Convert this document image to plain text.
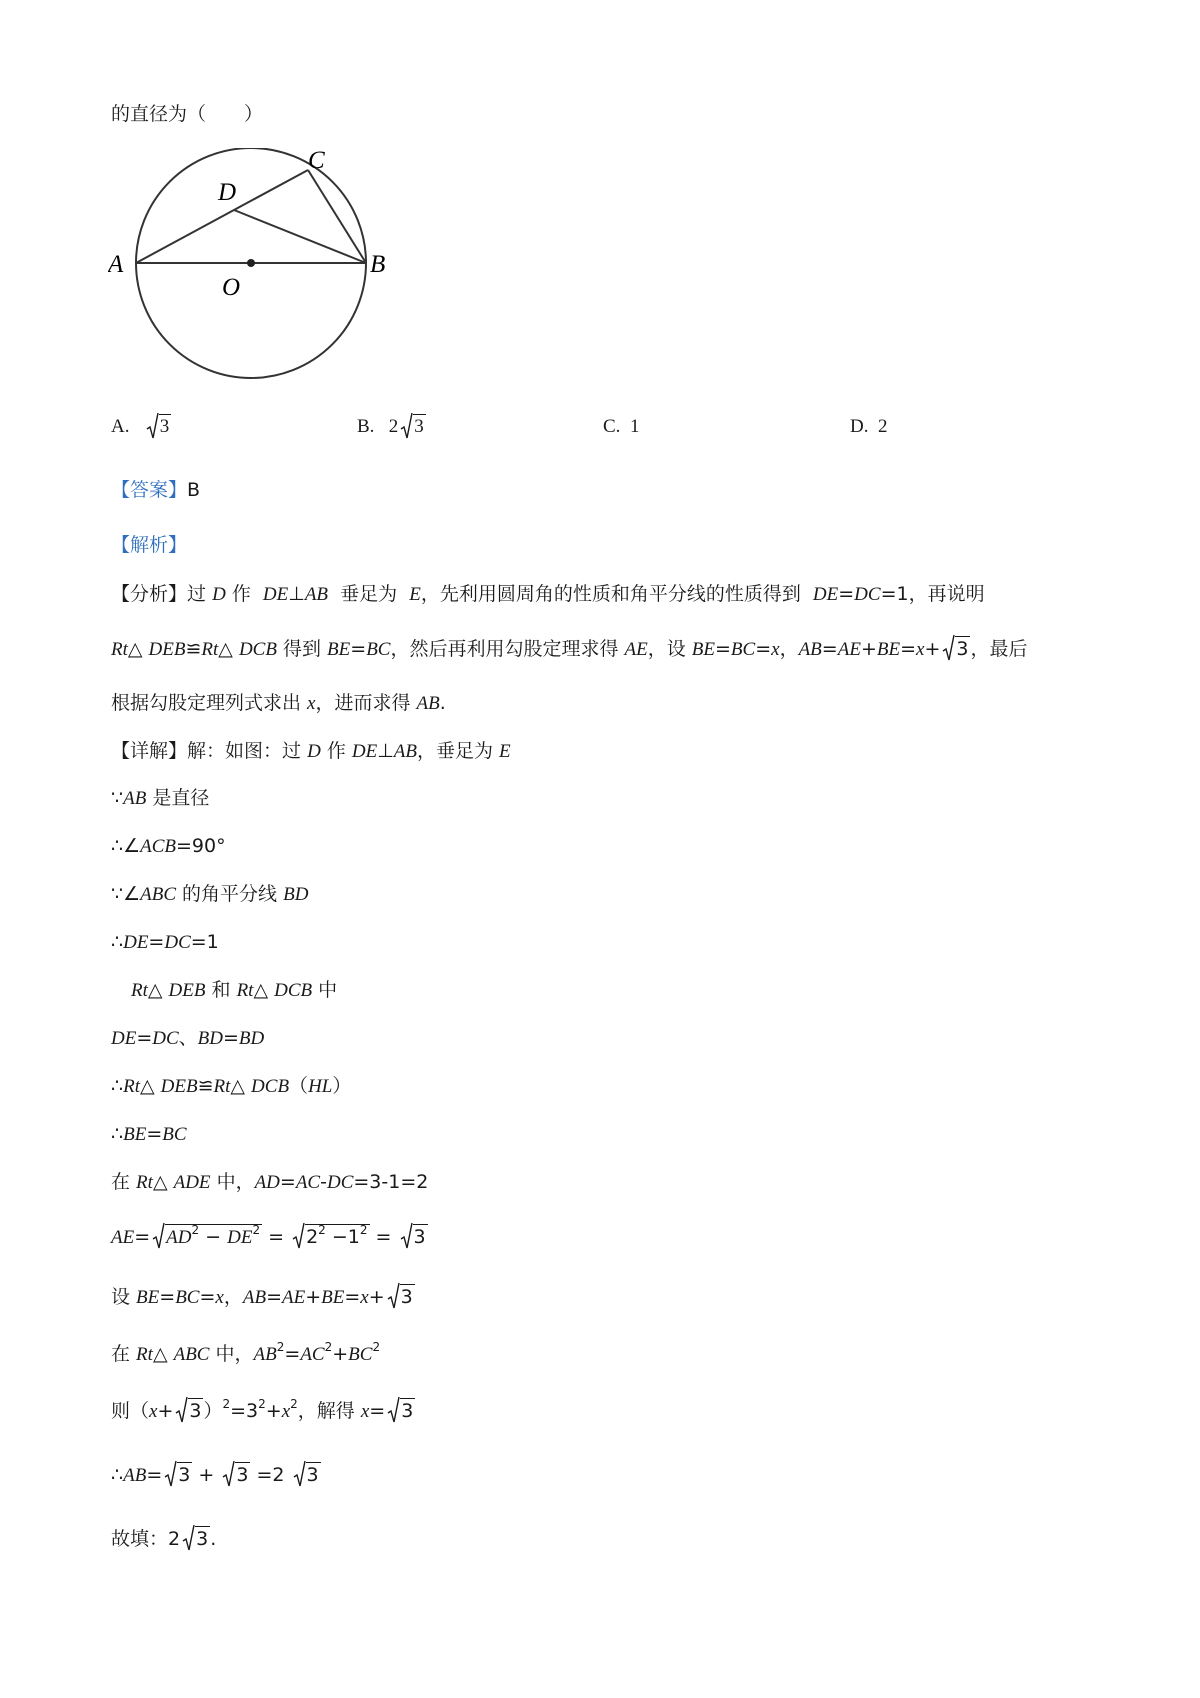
的直径为（　　）
A	B
C
D
O
A. 3	B.   2 3	C. 1	D. 2
【答案】B
【解析】
【分析】过 D 作  DE⊥AB  垂足为  E，先利用圆周角的性质和角平分线的性质得到  DE=DC=1，再说明
Rt△ DEB≌Rt△ DCB 得到 BE=BC，然后再利用勾股定理求得 AE，设 BE=BC=x，AB=AE+BE=x+ 3 ，最后
根据勾股定理列式求出 x，进而求得 AB.
【详解】解：如图：过 D 作 DE⊥AB，垂足为 E
∵AB 是直径
∴∠ACB=90°
∵∠ABC 的角平分线 BD
∴DE=DC=1
Rt△ DEB 和 Rt△ DCB 中
DE=DC、BD=BD
∴Rt△ DEB≌Rt△ DCB（HL）
∴BE=BC
在 Rt△ ADE 中，AD=AC-DC=3-1=2
$AE= AD^2 - DE^2$ =
$2^2 -1^2$ =
3
设 BE=BC=x，AB=AE+BE=x+ 3
在 Rt△ ABC 中，$AB^2=AC^2+BC^2$
则（x+ 3 ）$^2=3^2+x^2$，解得 x= 3
∴AB= 3 +
3 =2
3
故填：2 3 .
